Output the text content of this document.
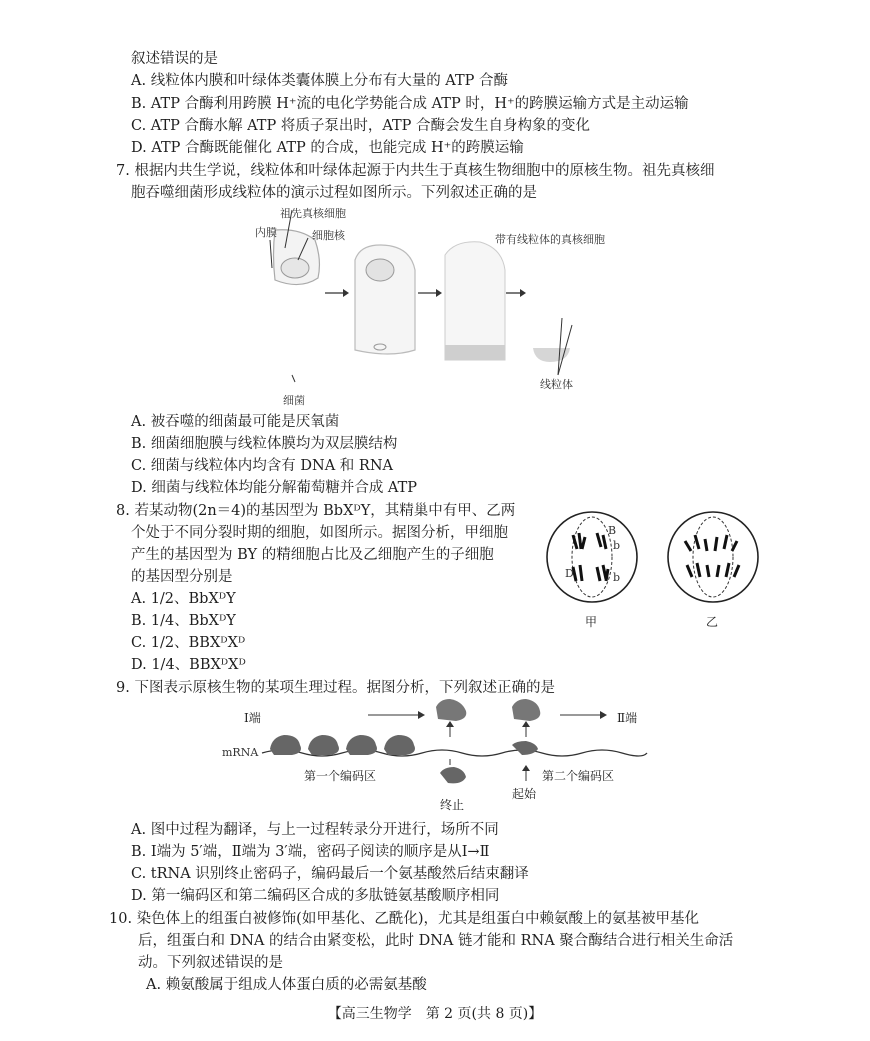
叙述错误的是
A. 线粒体内膜和叶绿体类囊体膜上分布有大量的 ATP 合酶
B. ATP 合酶利用跨膜 H⁺流的电化学势能合成 ATP 时，H⁺的跨膜运输方式是主动运输
C. ATP 合酶水解 ATP 将质子泵出时，ATP 合酶会发生自身构象的变化
D. ATP 合酶既能催化 ATP 的合成，也能完成 H⁺的跨膜运输
7. 根据内共生学说，线粒体和叶绿体起源于内共生于真核生物细胞中的原核生物。祖先真核细
胞吞噬细菌形成线粒体的演示过程如图所示。下列叙述正确的是
祖先真核细胞
内膜	细胞核	带有线粒体的真核细胞
细菌
线粒体
A. 被吞噬的细菌最可能是厌氧菌
B. 细菌细胞膜与线粒体膜均为双层膜结构
C. 细菌与线粒体内均含有 DNA 和 RNA
D. 细菌与线粒体均能分解葡萄糖并合成 ATP
8. 若某动物(2n＝4)的基因型为 BbXᴰY，其精巢中有甲、乙两
个处于不同分裂时期的细胞，如图所示。据图分析，甲细胞
产生的基因型为 BY 的精细胞占比及乙细胞产生的子细胞
的基因型分别是
A. 1/2、BbXᴰY
B. 1/4、BbXᴰY
C. 1/2、BBXᴰXᴰ
D. 1/4、BBXᴰXᴰ
B
b
D	b
甲	乙
9. 下图表示原核生物的某项生理过程。据图分析，下列叙述正确的是
Ⅰ端	Ⅱ端
mRNA
第一个编码区	第二个编码区
终止
起始
A. 图中过程为翻译，与上一过程转录分开进行，场所不同
B. Ⅰ端为 5′端，Ⅱ端为 3′端，密码子阅读的顺序是从Ⅰ→Ⅱ
C. tRNA 识别终止密码子，编码最后一个氨基酸然后结束翻译
D. 第一编码区和第二编码区合成的多肽链氨基酸顺序相同
10. 染色体上的组蛋白被修饰(如甲基化、乙酰化)，尤其是组蛋白中赖氨酸上的氨基被甲基化
后，组蛋白和 DNA 的结合由紧变松，此时 DNA 链才能和 RNA 聚合酶结合进行相关生命活
动。下列叙述错误的是
A. 赖氨酸属于组成人体蛋白质的必需氨基酸
【高三生物学　第 2 页(共 8 页)】
